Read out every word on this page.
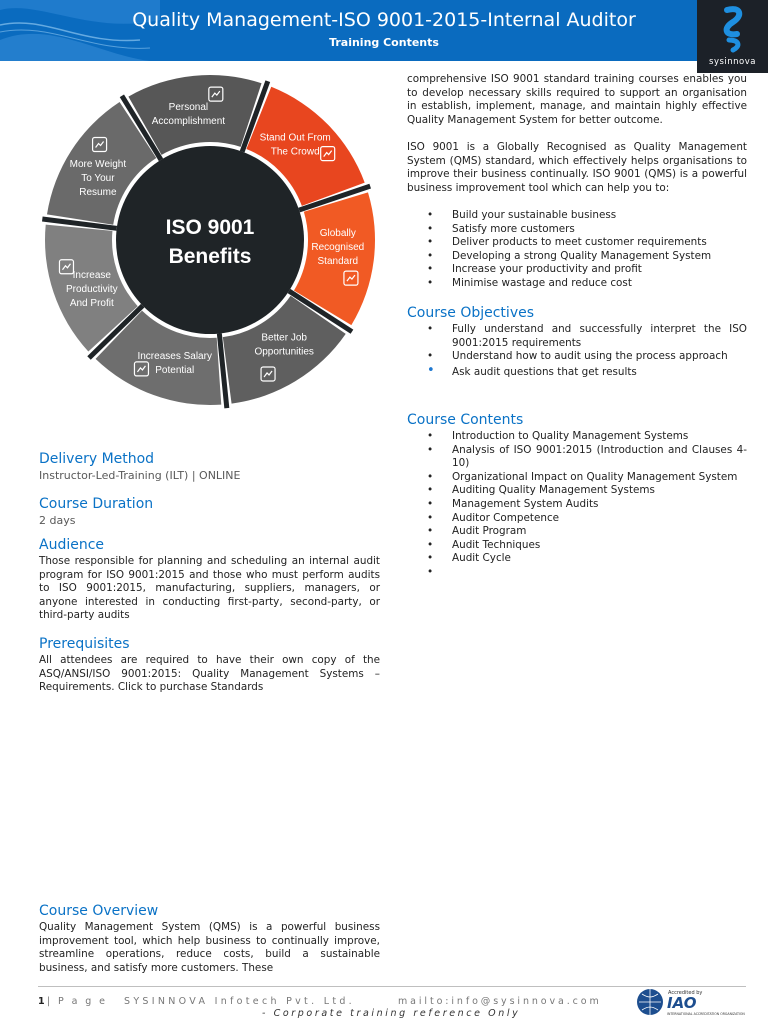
Quality Management-ISO 9001-2015-Internal Auditor
Training Contents
sysinnova
Stand Out From The Crowd
Globally Recognised Standard
Better Job Opportunities
Increases Salary Potential
Increase Productivity And Profit
More Weight To Your Resume
Personal Accomplishment
ISO 9001
Benefits
Delivery Method
Instructor-Led-Training (ILT) | ONLINE
Course Duration
2 days
Audience
Those responsible for planning and scheduling an internal audit program for ISO 9001:2015 and those who must perform audits to ISO 9001:2015, manufacturing, suppliers, managers, or anyone interested in conducting first-party, second-party, or third-party audits
Prerequisites
All attendees are required to have their own copy of the ASQ/ANSI/ISO 9001:2015: Quality Management Systems – Requirements. Click to purchase Standards
Course Overview
Quality Management System (QMS) is a powerful business improvement tool, which help business to continually improve, streamline operations, reduce costs, build a sustainable business, and satisfy more customers. These
comprehensive ISO 9001 standard training courses enables you to develop necessary skills required to support an organisation in establish, implement, manage, and maintain highly effective Quality Management System for better outcome.
ISO 9001 is a Globally Recognised as Quality Management System (QMS) standard, which effectively helps organisations to improve their business continually. ISO 9001 (QMS) is a powerful business improvement tool which can help you to:
• Build your sustainable business
• Satisfy more customers
• Deliver products to meet customer requirements
• Developing a strong Quality Management System
• Increase your productivity and profit
• Minimise wastage and reduce cost
Course Objectives
• Fully understand and successfully interpret the ISO 9001:2015 requirements
• Understand how to audit using the process approach
• Ask audit questions that get results
Course Contents
• Introduction to Quality Management Systems
• Analysis of ISO 9001:2015 (Introduction and Clauses 4-10)
• Organizational Impact on Quality Management System
• Auditing Quality Management Systems
• Management System Audits
• Auditor Competence
• Audit Program
• Audit Techniques
• Audit Cycle
•
1| P a g e SYSINNOVA Infotech Pvt. Ltd.	mailto:info@sysinnova.com
- Corporate training reference Only
Accredited by
IAO
INTERNATIONAL ACCREDITATION ORGANIZATION
